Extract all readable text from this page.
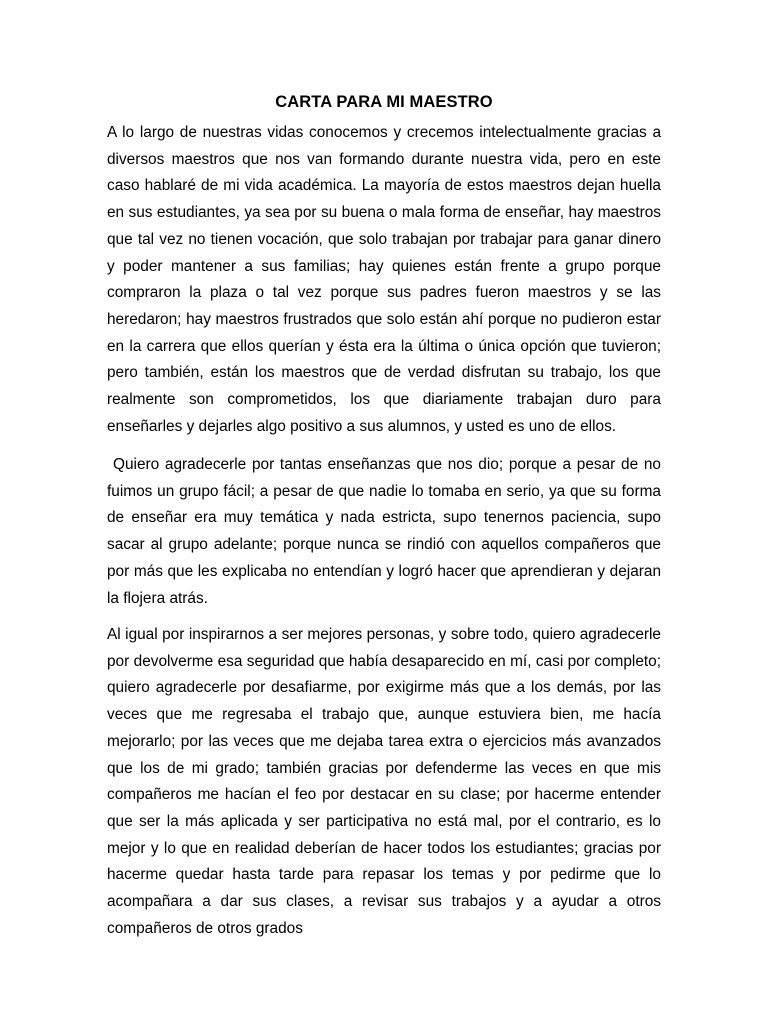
CARTA PARA MI MAESTRO

A lo largo de nuestras vidas conocemos y crecemos intelectualmente gracias a diversos maestros que nos van formando durante nuestra vida, pero en este caso hablaré de mi vida académica. La mayoría de estos maestros dejan huella en sus estudiantes, ya sea por su buena o mala forma de enseñar, hay maestros que tal vez no tienen vocación, que solo trabajan por trabajar para ganar dinero y poder mantener a sus familias; hay quienes están frente a grupo porque compraron la plaza o tal vez porque sus padres fueron maestros y se las heredaron; hay maestros frustrados que solo están ahí porque no pudieron estar en la carrera que ellos querían y ésta era la última o única opción que tuvieron; pero también, están los maestros que de verdad disfrutan su trabajo, los que realmente son comprometidos, los que diariamente trabajan duro para enseñarles y dejarles algo positivo a sus alumnos, y usted es uno de ellos.

Quiero agradecerle por tantas enseñanzas que nos dio; porque a pesar de no fuimos un grupo fácil; a pesar de que nadie lo tomaba en serio, ya que su forma de enseñar era muy temática y nada estricta, supo tenernos paciencia, supo sacar al grupo adelante; porque nunca se rindió con aquellos compañeros que por más que les explicaba no entendían y logró hacer que aprendieran y dejaran la flojera atrás.

Al igual por inspirarnos a ser mejores personas, y sobre todo, quiero agradecerle por devolverme esa seguridad que había desaparecido en mí, casi por completo; quiero agradecerle por desafiarme, por exigirme más que a los demás, por las veces que me regresaba el trabajo que, aunque estuviera bien, me hacía mejorarlo; por las veces que me dejaba tarea extra o ejercicios más avanzados que los de mi grado; también gracias por defenderme las veces en que mis compañeros me hacían el feo por destacar en su clase; por hacerme entender que ser la más aplicada y ser participativa no está mal, por el contrario, es lo mejor y lo que en realidad deberían de hacer todos los estudiantes; gracias por hacerme quedar hasta tarde para repasar los temas y por pedirme que lo acompañara a dar sus clases, a revisar sus trabajos y a ayudar a otros compañeros de otros grados
